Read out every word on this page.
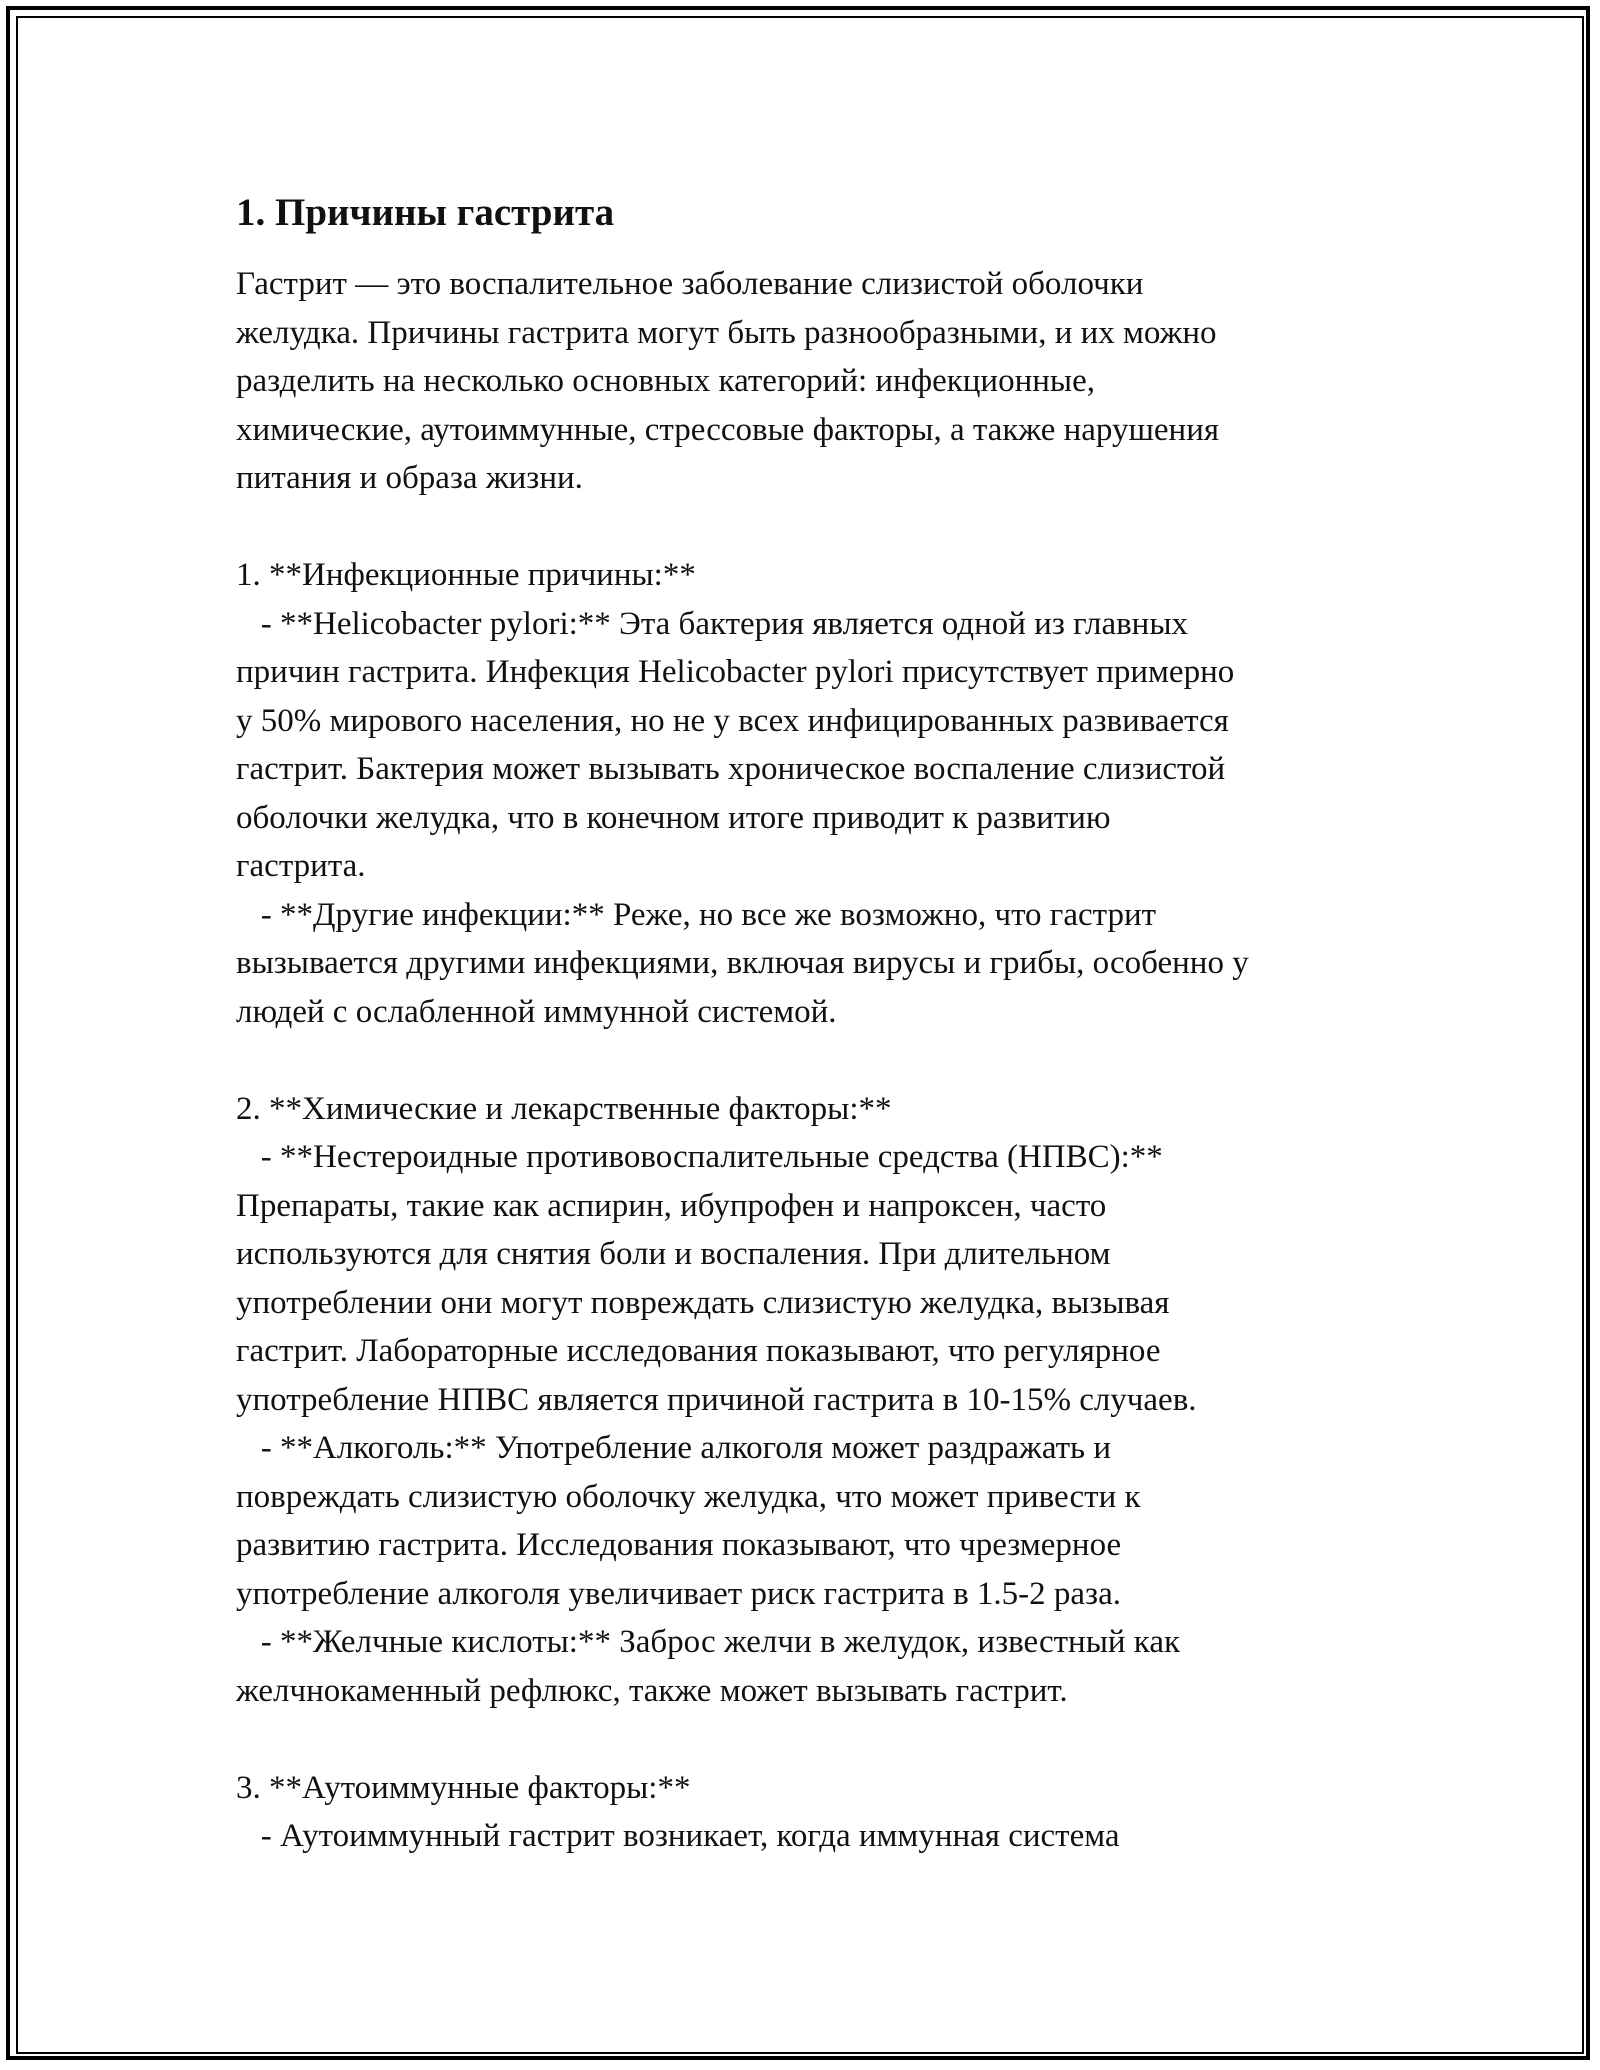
1. Причины гастрита
Гастрит — это воспалительное заболевание слизистой оболочки
желудка. Причины гастрита могут быть разнообразными, и их можно
разделить на несколько основных категорий: инфекционные,
химические, аутоиммунные, стрессовые факторы, а также нарушения
питания и образа жизни.
1. **Инфекционные причины:**
- **Helicobacter pylori:** Эта бактерия является одной из главных
причин гастрита. Инфекция Helicobacter pylori присутствует примерно
у 50% мирового населения, но не у всех инфицированных развивается
гастрит. Бактерия может вызывать хроническое воспаление слизистой
оболочки желудка, что в конечном итоге приводит к развитию
гастрита.
- **Другие инфекции:** Реже, но все же возможно, что гастрит
вызывается другими инфекциями, включая вирусы и грибы, особенно у
людей с ослабленной иммунной системой.
2. **Химические и лекарственные факторы:**
- **Нестероидные противовоспалительные средства (НПВС):**
Препараты, такие как аспирин, ибупрофен и напроксен, часто
используются для снятия боли и воспаления. При длительном
употреблении они могут повреждать слизистую желудка, вызывая
гастрит. Лабораторные исследования показывают, что регулярное
употребление НПВС является причиной гастрита в 10-15% случаев.
- **Алкоголь:** Употребление алкоголя может раздражать и
повреждать слизистую оболочку желудка, что может привести к
развитию гастрита. Исследования показывают, что чрезмерное
употребление алкоголя увеличивает риск гастрита в 1.5-2 раза.
- **Желчные кислоты:** Заброс желчи в желудок, известный как
желчнокаменный рефлюкс, также может вызывать гастрит.
3. **Аутоиммунные факторы:**
- Аутоиммунный гастрит возникает, когда иммунная система
